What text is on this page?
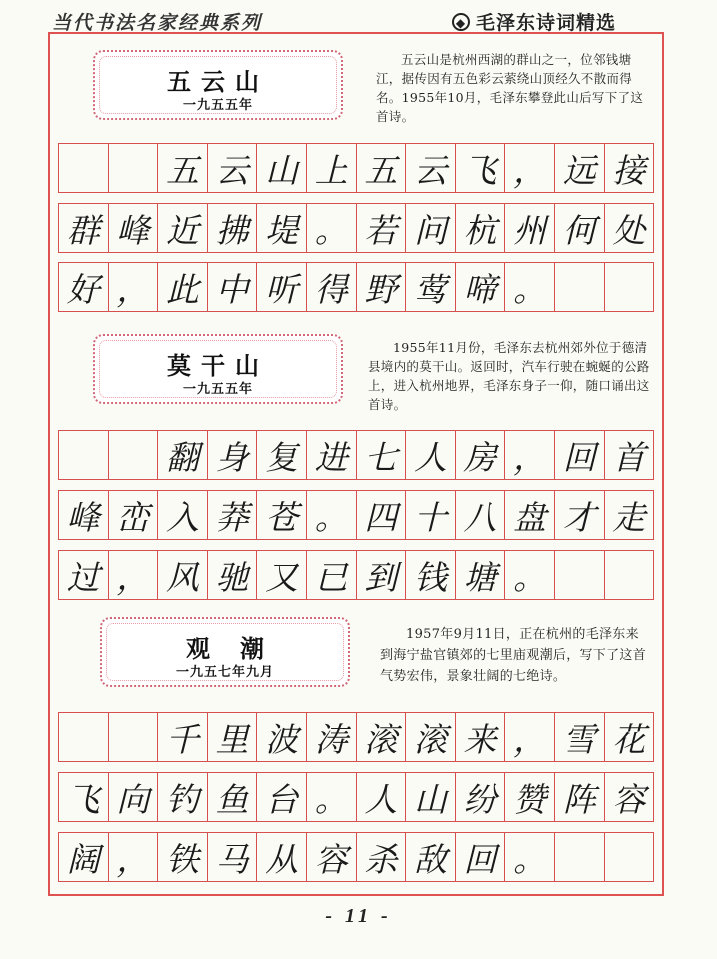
当代书法名家经典系列	◆ 毛泽东诗词精选
五云山
一九五五年
五云山是杭州西湖的群山之一，位邻钱塘江，据传因有五色彩云萦绕山顶经久不散而得名。1955年10月，毛泽东攀登此山后写下了这首诗。
五 云 山 上 五 云 飞 ， 远 接
群 峰 近 拂 堤 。 若 问 杭 州 何 处
好 ， 此 中 听 得 野 莺 啼 。
莫干山
一九五五年
1955年11月份，毛泽东去杭州郊外位于德清县境内的莫干山。返回时，汽车行驶在蜿蜒的公路上，进入杭州地界，毛泽东身子一仰，随口诵出这首诗。
翻 身 复 进 七 人 房 ， 回 首
峰 峦 入 莽 苍 。 四 十 八 盘 才 走
过 ， 风 驰 又 已 到 钱 塘 。
观潮
一九五七年九月
1957年9月11日，正在杭州的毛泽东来到海宁盐官镇郊的七里庙观潮后，写下了这首气势宏伟，景象壮阔的七绝诗。
千 里 波 涛 滚 滚 来 ， 雪 花
飞 向 钓 鱼 台 。 人 山 纷 赞 阵 容
阔 ， 铁 马 从 容 杀 敌 回 。
- 11 -
